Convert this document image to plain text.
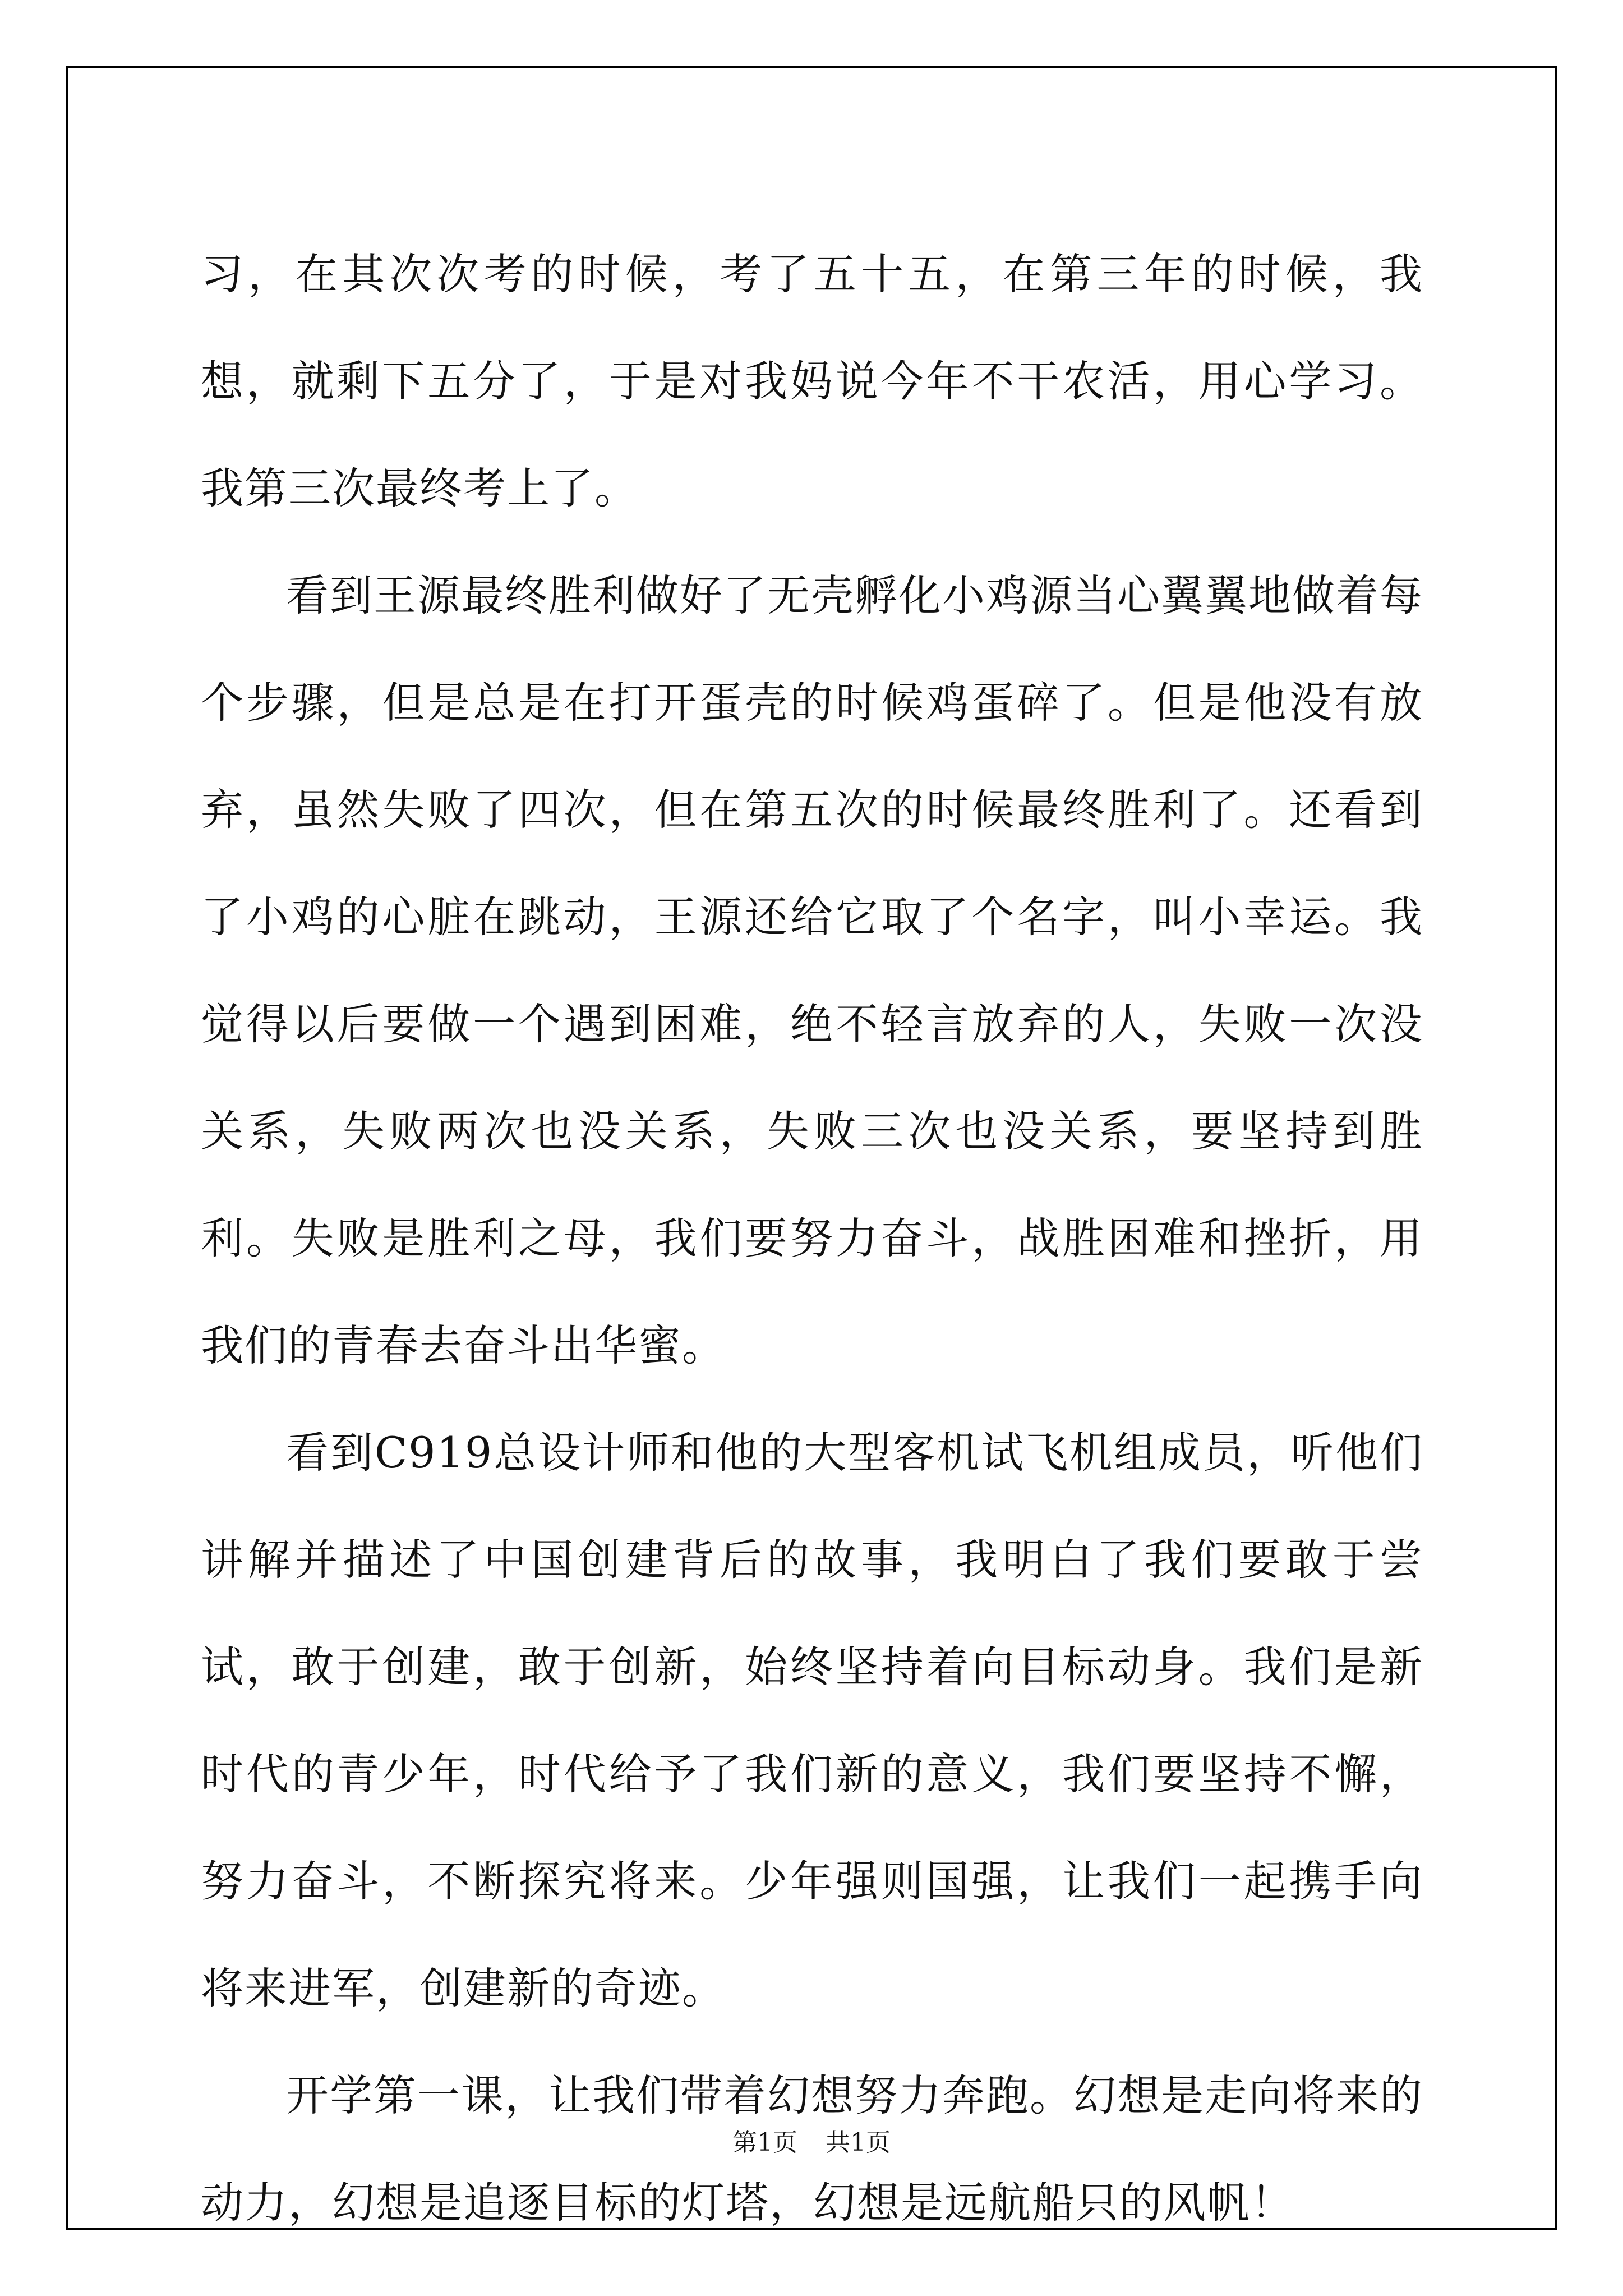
习，在其次次考的时候，考了五十五，在第三年的时候，我想，就剩下五分了，于是对我妈说今年不干农活，用心学习。我第三次最终考上了。

看到王源最终胜利做好了无壳孵化小鸡源当心翼翼地做着每个步骤，但是总是在打开蛋壳的时候鸡蛋碎了。但是他没有放弃，虽然失败了四次，但在第五次的时候最终胜利了。还看到了小鸡的心脏在跳动，王源还给它取了个名字，叫小幸运。我觉得以后要做一个遇到困难，绝不轻言放弃的人，失败一次没关系，失败两次也没关系，失败三次也没关系，要坚持到胜利。失败是胜利之母，我们要努力奋斗，战胜困难和挫折，用我们的青春去奋斗出华蜜。

看到C919总设计师和他的大型客机试飞机组成员，听他们讲解并描述了中国创建背后的故事，我明白了我们要敢于尝试，敢于创建，敢于创新，始终坚持着向目标动身。我们是新时代的青少年，时代给予了我们新的意义，我们要坚持不懈，努力奋斗，不断探究将来。少年强则国强，让我们一起携手向将来进军，创建新的奇迹。

开学第一课，让我们带着幻想努力奔跑。幻想是走向将来的动力，幻想是追逐目标的灯塔，幻想是远航船只的风帆！

第1页 共1页
